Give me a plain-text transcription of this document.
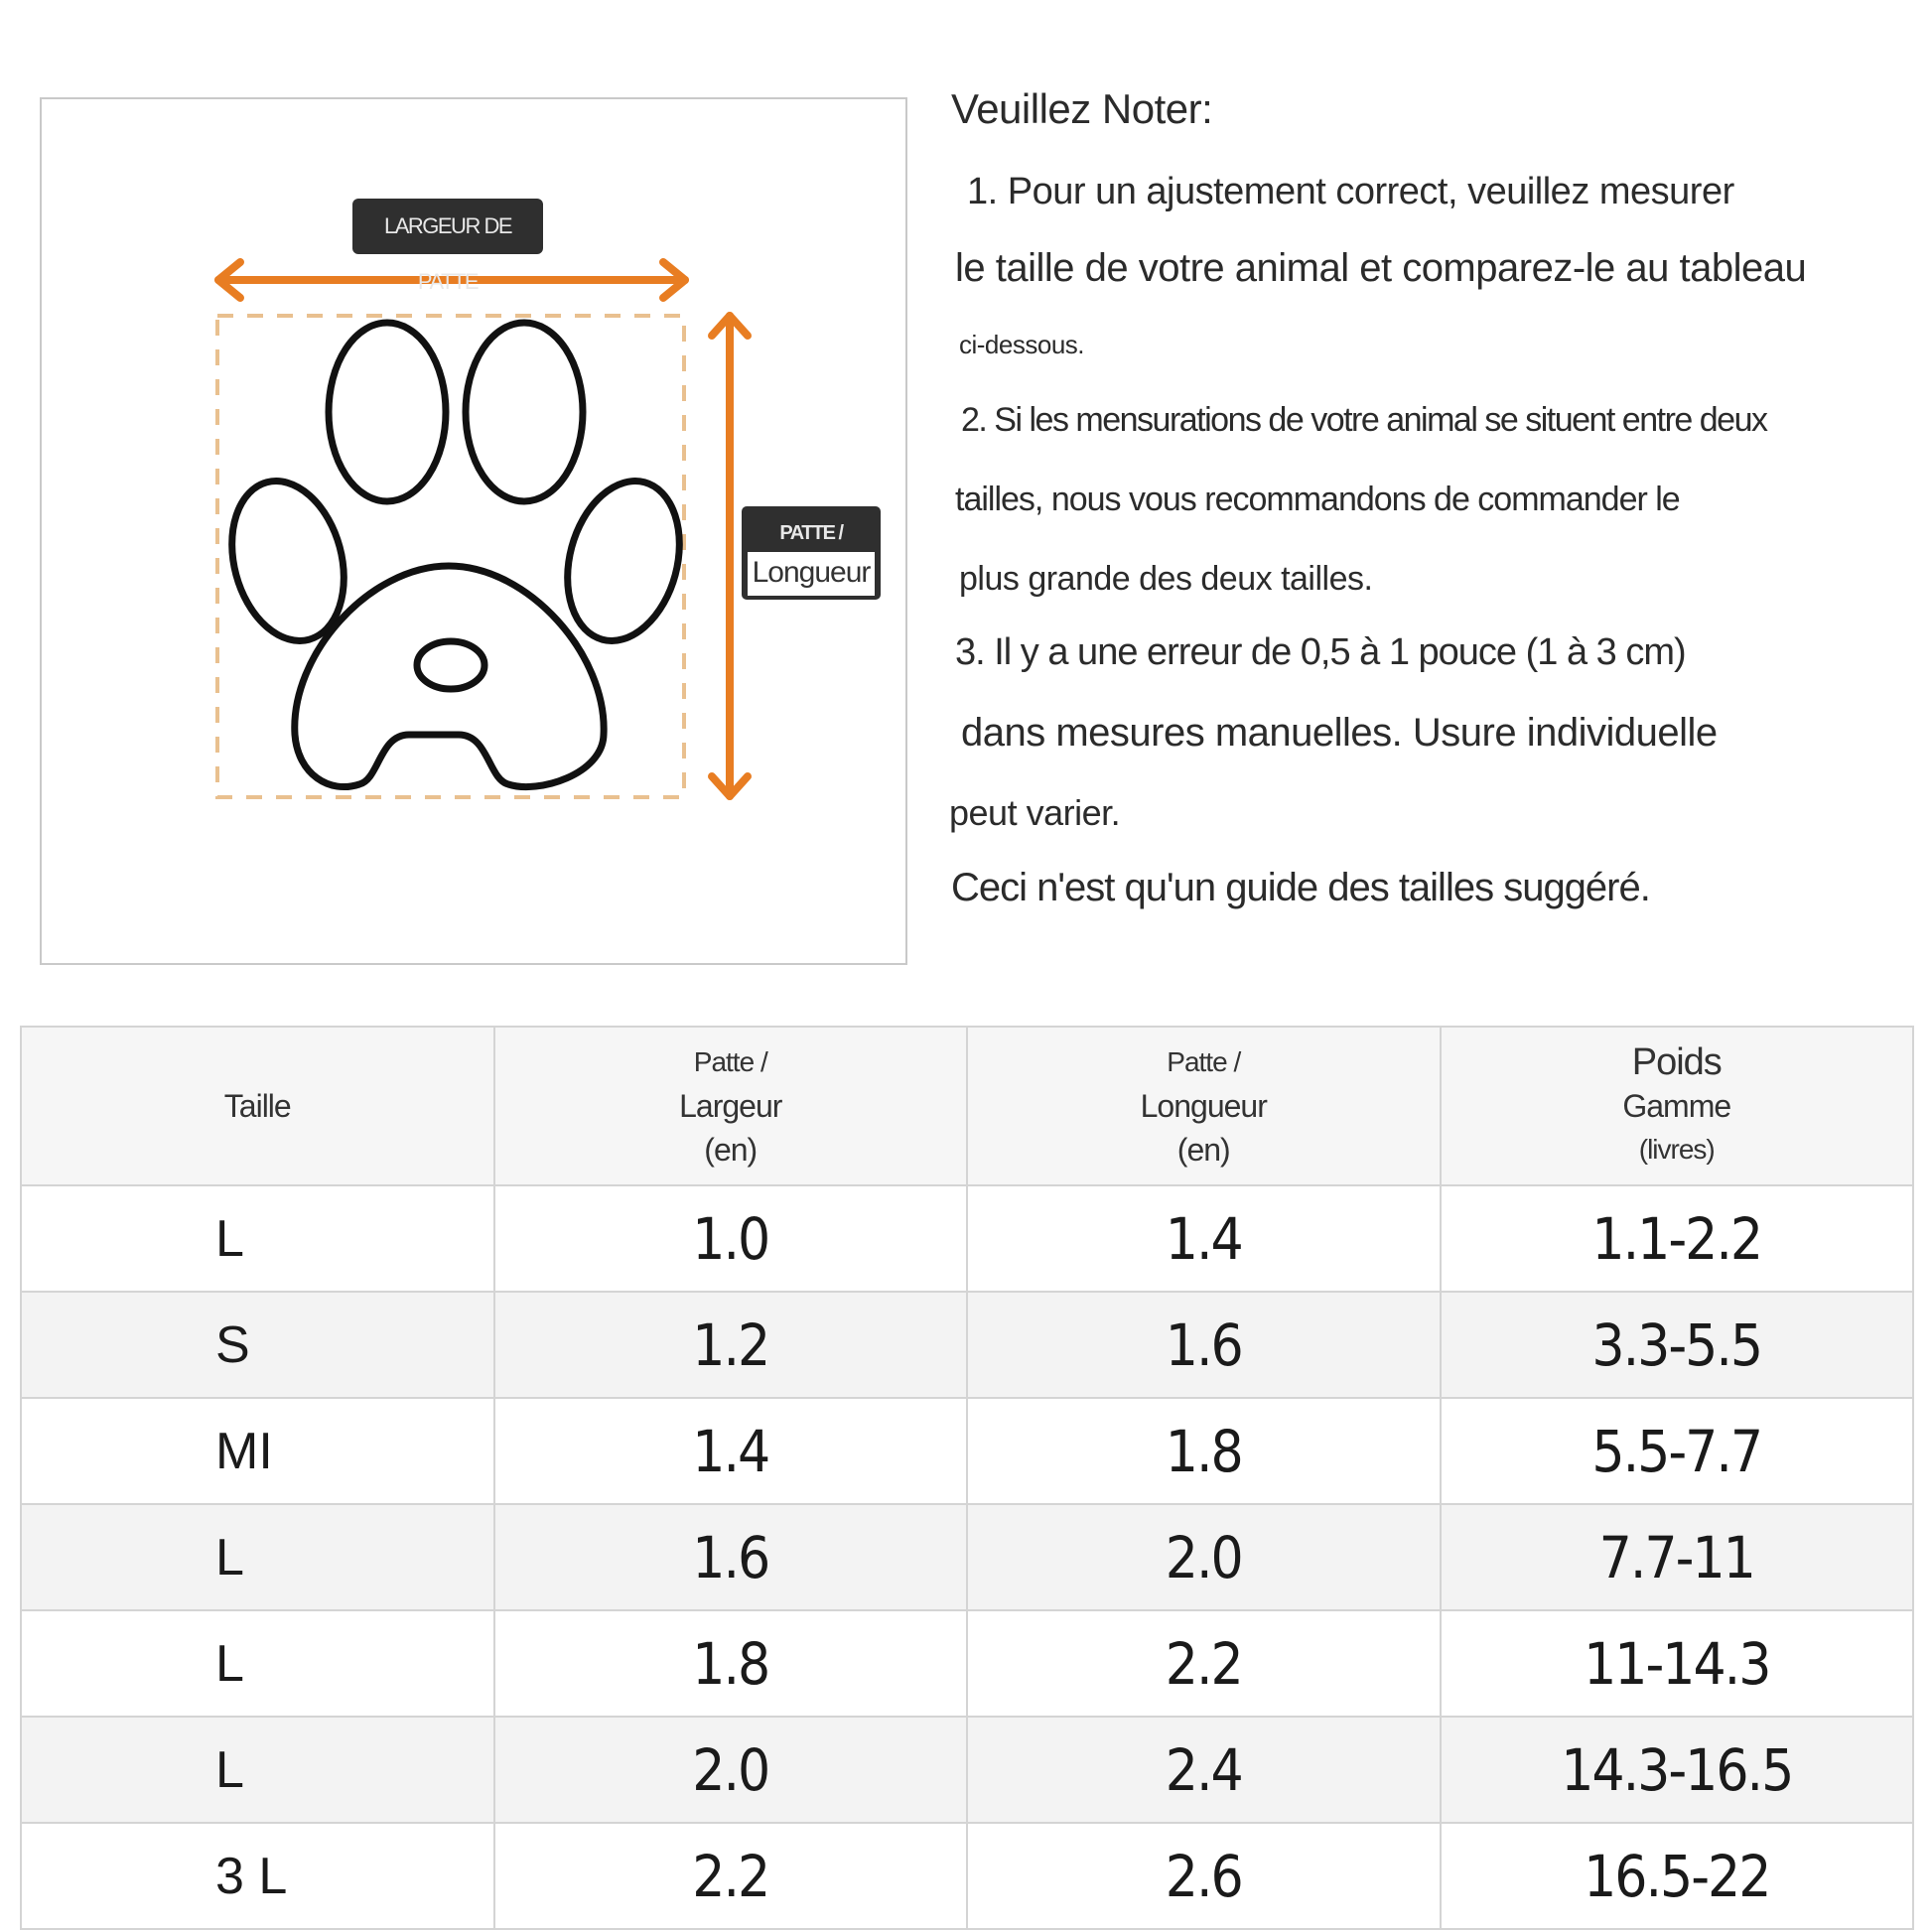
LARGEUR DE PATTE
PATTE /
Longueur
Veuillez Noter:
1. Pour un ajustement correct, veuillez mesurer
le taille de votre animal et comparez-le au tableau
ci-dessous.
2. Si les mensurations de votre animal se situent entre deux
tailles, nous vous recommandons de commander le
plus grande des deux tailles.
3. Il y a une erreur de 0,5 à 1 pouce (1 à 3 cm)
dans mesures manuelles. Usure individuelle
peut varier.
Ceci n'est qu'un guide des tailles suggéré.
Taille

Patte /
Largeur
(en)

Patte /
Longueur
(en)

Poids
Gamme
(livres)

L	1.0	1.4	1.1-2.2
S	1.2	1.6	3.3-5.5
MI	1.4	1.8	5.5-7.7
L	1.6	2.0	7.7-11
L	1.8	2.2	11-14.3
L	2.0	2.4	14.3-16.5
3 L	2.2	2.6	16.5-22
